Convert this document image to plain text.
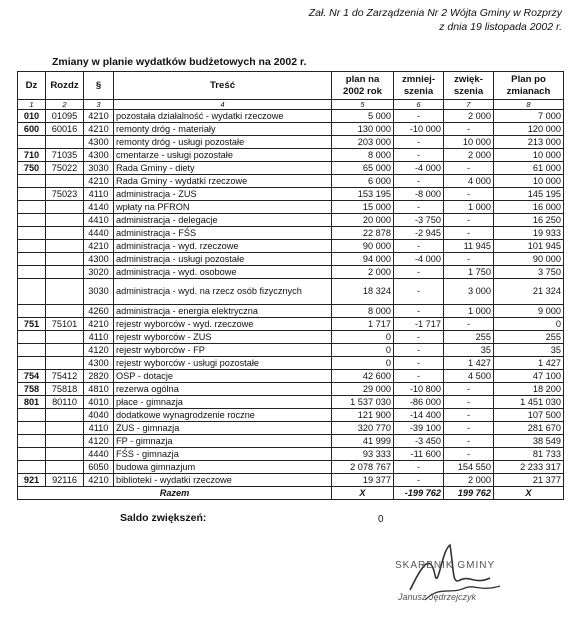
Zał. Nr 1 do Zarządzenia Nr 2 Wójta Gminy w Rozprzy
z dnia 19 listopada 2002 r.
Zmiany w planie wydatków budżetowych na 2002 r.
Dz	Rozdz	§	Treść	plan na 2002 rok	zmniej-szenia	zwięk-szenia	Plan po zmianach
1	2	3	4	5	6	7	8
010	01095	4210	pozostała działalność - wydatki rzeczowe	5 000	-	2 000	7 000
600	60016	4210	remonty dróg - materiały	130 000	-10 000	-	120 000
		4300	remonty dróg - usługi pozostałe	203 000	-	10 000	213 000
710	71035	4300	cmentarze - usługi pozostałe	8 000	-	2 000	10 000
750	75022	3030	Rada Gminy - diety	65 000	-4 000	-	61 000
		4210	Rada Gminy - wydatki rzeczowe	6 000	-	4 000	10 000
	75023	4110	administracja - ZUS	153 195	-8 000	-	145 195
		4140	wpłaty na PFRON	15 000	-	1 000	16 000
		4410	administracja - delegacje	20 000	-3 750	-	16 250
		4440	administracja - FŚS	22 878	-2 945	-	19 933
		4210	administracja - wyd. rzeczowe	90 000	-	11 945	101 945
		4300	administracja - usługi pozostałe	94 000	-4 000	-	90 000
		3020	administracja - wyd. osobowe	2 000	-	1 750	3 750
		3030	administracja - wyd. na rzecz osób fizycznych	18 324	-	3 000	21 324
		4260	administracja - energia elektryczna	8 000	-	1 000	9 000
751	75101	4210	rejestr wyborców - wyd. rzeczowe	1 717	-1 717	-	0
		4110	rejestr wyborców - ZUS	0	-	255	255
		4120	rejestr wyborców - FP	0	-	35	35
		4300	rejestr wyborców - usługi pozostałe	0	-	1 427	1 427
754	75412	2820	OSP - dotacje	42 600	-	4 500	47 100
758	75818	4810	rezerwa ogólna	29 000	-10 800	-	18 200
801	80110	4010	płace - gimnazja	1 537 030	-86 000	-	1 451 030
		4040	dodatkowe wynagrodzenie roczne	121 900	-14 400	-	107 500
		4110	ZUS - gimnazja	320 770	-39 100	-	281 670
		4120	FP - gimnazja	41 999	-3 450	-	38 549
		4440	FŚS - gimnazja	93 333	-11 600	-	81 733
		6050	budowa gimnazjum	2 078 767	-	154 550	2 233 317
921	92116	4210	biblioteki - wydatki rzeczowe	19 377	-	2 000	21 377
Razem				X	-199 762	199 762	X
Saldo zwiększeń:	0
SKARBNIK GMINY
Janusz Jędrzejczyk
